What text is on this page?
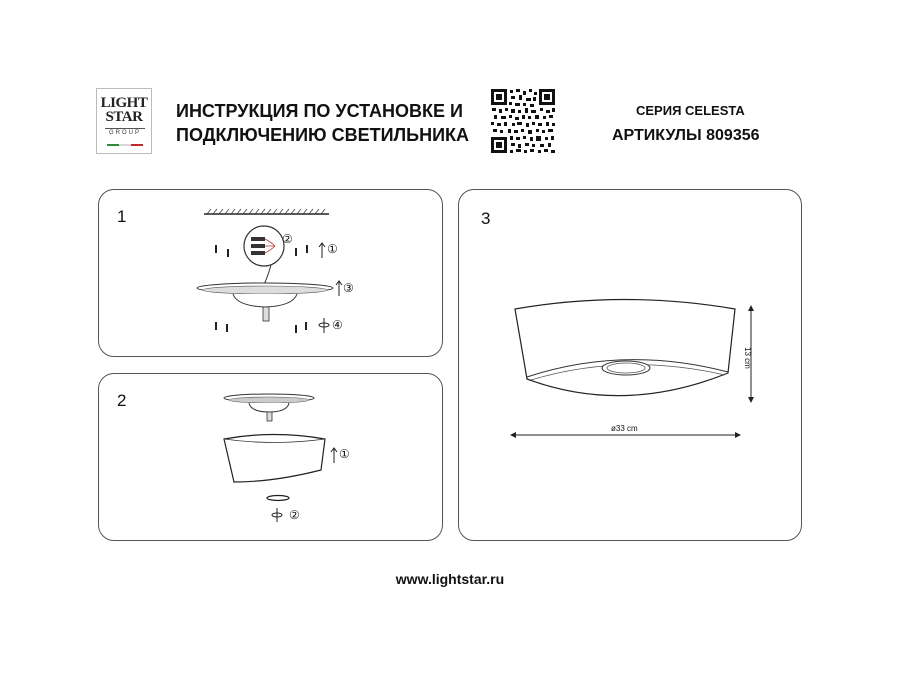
LIGHT
STAR
GROUP
ИНСТРУКЦИЯ ПО УСТАНОВКЕ И
ПОДКЛЮЧЕНИЮ СВЕТИЛЬНИКА
СЕРИЯ CELESTA
АРТИКУЛЫ 809356
1
②
①
③
④
2
①
②
3
13 cm
ø33 cm
www.lightstar.ru
